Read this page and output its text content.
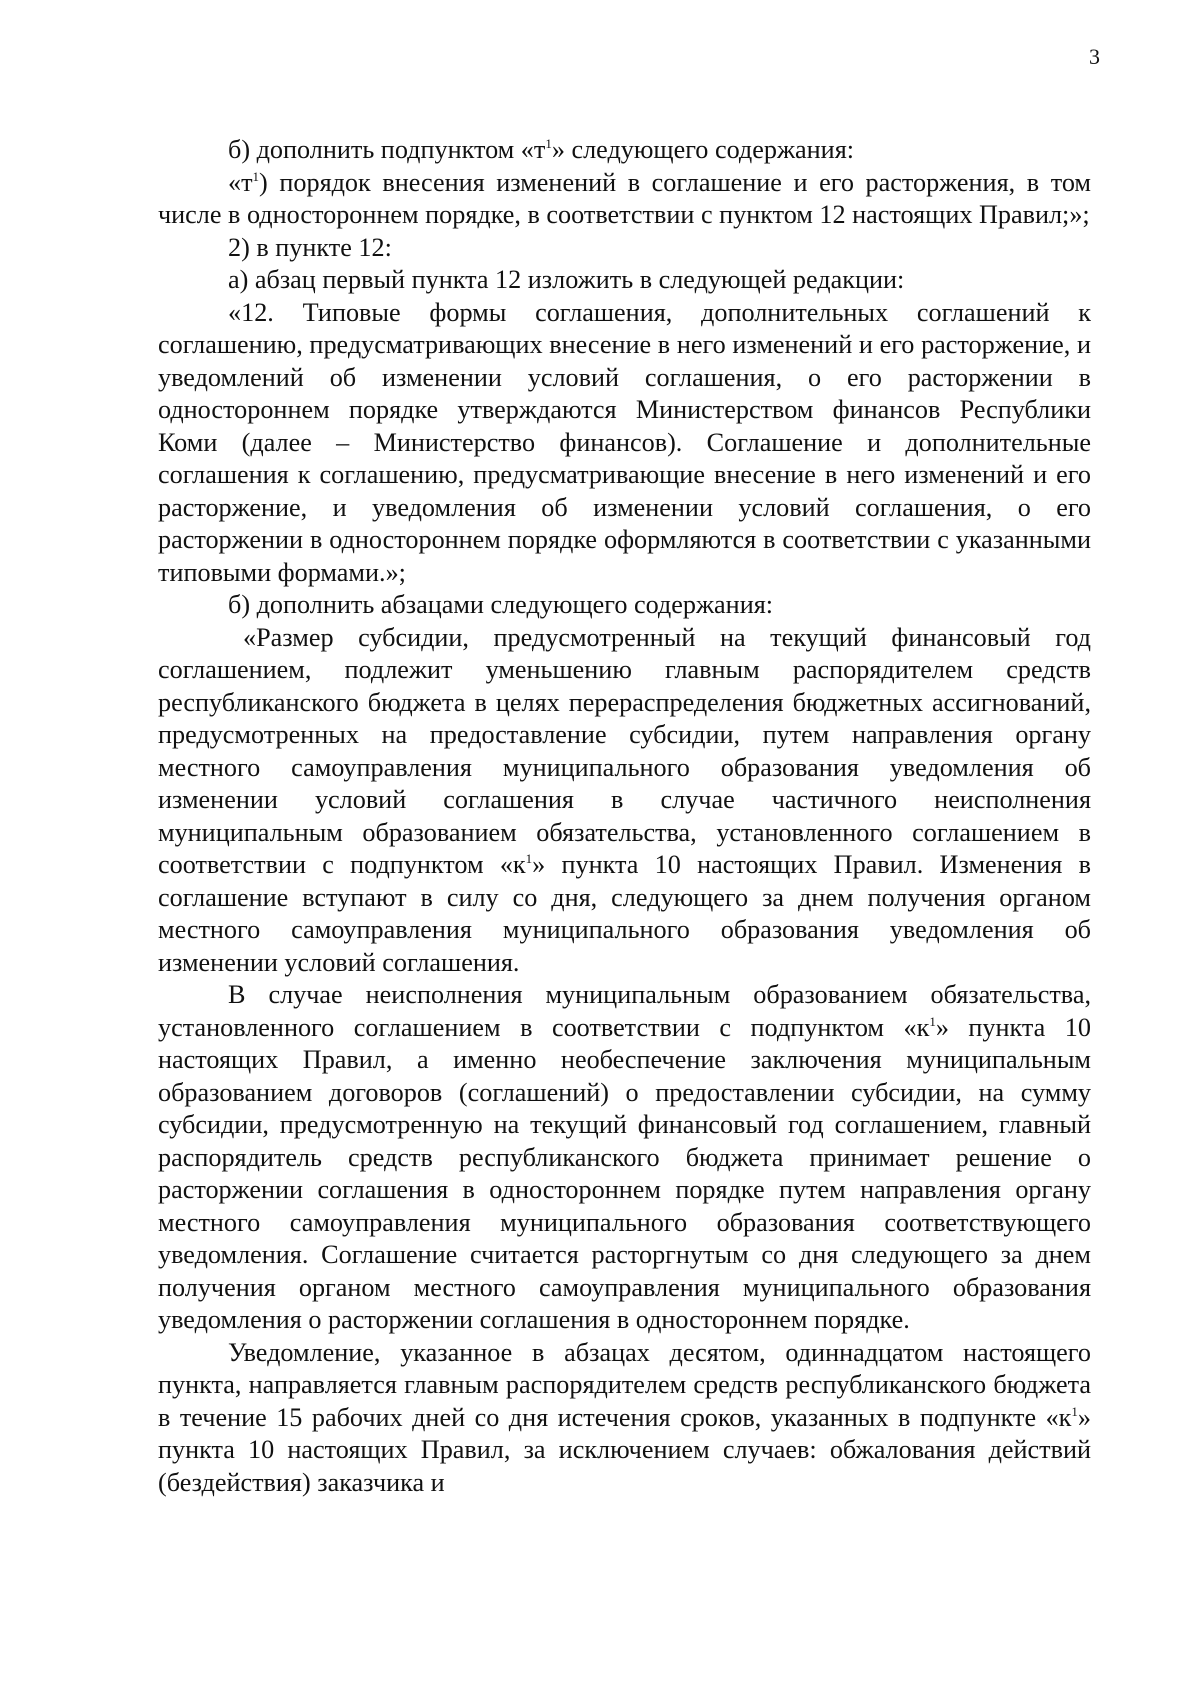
3

б) дополнить подпунктом «$т^1$» следующего содержания:

«$т^1$) порядок внесения изменений в соглашение и его расторжения, в том числе в одностороннем порядке, в соответствии с пунктом 12 настоящих Правил;»;

2) в пункте 12:

а) абзац первый пункта 12 изложить в следующей редакции:

«12. Типовые формы соглашения, дополнительных соглашений к соглашению, предусматривающих внесение в него изменений и его расторжение, и уведомлений об изменении условий соглашения, о его расторжении в одностороннем порядке утверждаются Министерством финансов Республики Коми (далее – Министерство финансов). Соглашение и дополнительные соглашения к соглашению, предусматривающие внесение в него изменений и его расторжение, и уведомления об изменении условий соглашения, о его расторжении в одностороннем порядке оформляются в соответствии с указанными типовыми формами.»;

б) дополнить абзацами следующего содержания:

«Размер субсидии, предусмотренный на текущий финансовый год соглашением, подлежит уменьшению главным распорядителем средств республиканского бюджета в целях перераспределения бюджетных ассигнований, предусмотренных на предоставление субсидии, путем направления органу местного самоуправления муниципального образования уведомления об изменении условий соглашения в случае частичного неисполнения муниципальным образованием обязательства, установленного соглашением в соответствии с подпунктом «$к^1$» пункта 10 настоящих Правил. Изменения в соглашение вступают в силу со дня, следующего за днем получения органом местного самоуправления муниципального образования уведомления об изменении условий соглашения.

В случае неисполнения муниципальным образованием обязательства, установленного соглашением в соответствии с подпунктом «$к^1$» пункта 10 настоящих Правил, а именно необеспечение заключения муниципальным образованием договоров (соглашений) о предоставлении субсидии, на сумму субсидии, предусмотренную на текущий финансовый год соглашением, главный распорядитель средств республиканского бюджета принимает решение о расторжении соглашения в одностороннем порядке путем направления органу местного самоуправления муниципального образования соответствующего уведомления. Соглашение считается расторгнутым со дня следующего за днем получения органом местного самоуправления муниципального образования уведомления о расторжении соглашения в одностороннем порядке.

Уведомление, указанное в абзацах десятом, одиннадцатом настоящего пункта, направляется главным распорядителем средств республиканского бюджета в течение 15 рабочих дней со дня истечения сроков, указанных в подпункте «$к^1$» пункта 10 настоящих Правил, за исключением случаев: обжалования действий (бездействия) заказчика и
